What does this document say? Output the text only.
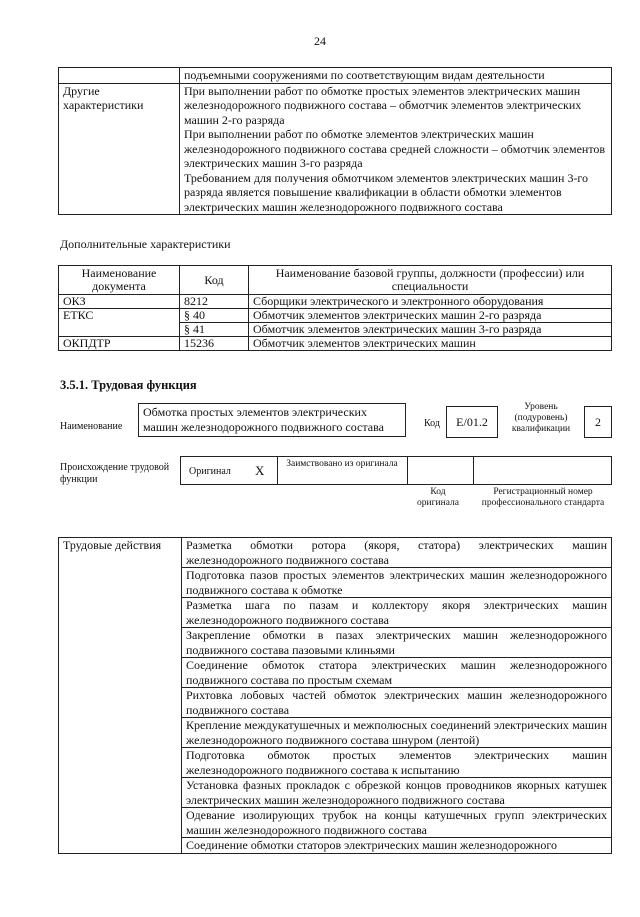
24

	подъемными сооружениями по соответствующим видам деятельности

Другие характеристики	При выполнении работ по обмотке простых элементов электрических машин железнодорожного подвижного состава – обмотчик элементов электрических машин 2-го разряда
При выполнении работ по обмотке элементов электрических машин железнодорожного подвижного состава средней сложности – обмотчик элементов электрических машин 3-го разряда
Требованием для получения обмотчиком элементов электрических машин 3-го разряда является повышение квалификации в области обмотки элементов электрических машин железнодорожного подвижного состава
Дополнительные характеристики
Наименование документа	Код	Наименование базовой группы, должности (профессии) или специальности
ОКЗ	8212	Сборщики электрического и электронного оборудования
ЕТКС	§ 40	Обмотчик элементов электрических машин 2-го разряда
	§ 41	Обмотчик элементов электрических машин 3-го разряда
ОКПДТР	15236	Обмотчик элементов электрических машин
3.5.1. Трудовая функция
Наименование
Обмотка простых элементов электрических машин железнодорожного подвижного состава	Код	E/01.2
Уровень (подуровень) квалификации	2
Происхождение трудовой функции
Оригинал X	Заимствовано из оригинала
Код оригинала
Регистрационный номер профессионального стандарта
Трудовые действия	Разметка обмотки ротора (якоря, статора) электрических машин железнодорожного подвижного состава
Подготовка пазов простых элементов электрических машин железнодорожного подвижного состава к обмотке
Разметка шага по пазам и коллектору якоря электрических машин железнодорожного подвижного состава
Закрепление обмотки в пазах электрических машин железнодорожного подвижного состава пазовыми клиньями
Соединение обмоток статора электрических машин железнодорожного подвижного состава по простым схемам
Рихтовка лобовых частей обмоток электрических машин железнодорожного подвижного состава
Крепление междукатушечных и межполюсных соединений электрических машин железнодорожного подвижного состава шнуром (лентой)
Подготовка обмоток простых элементов электрических машин железнодорожного подвижного состава к испытанию
Установка фазных прокладок с обрезкой концов проводников якорных катушек электрических машин железнодорожного подвижного состава
Одевание изолирующих трубок на концы катушечных групп электрических машин железнодорожного подвижного состава
Соединение обмотки статоров электрических машин железнодорожного
